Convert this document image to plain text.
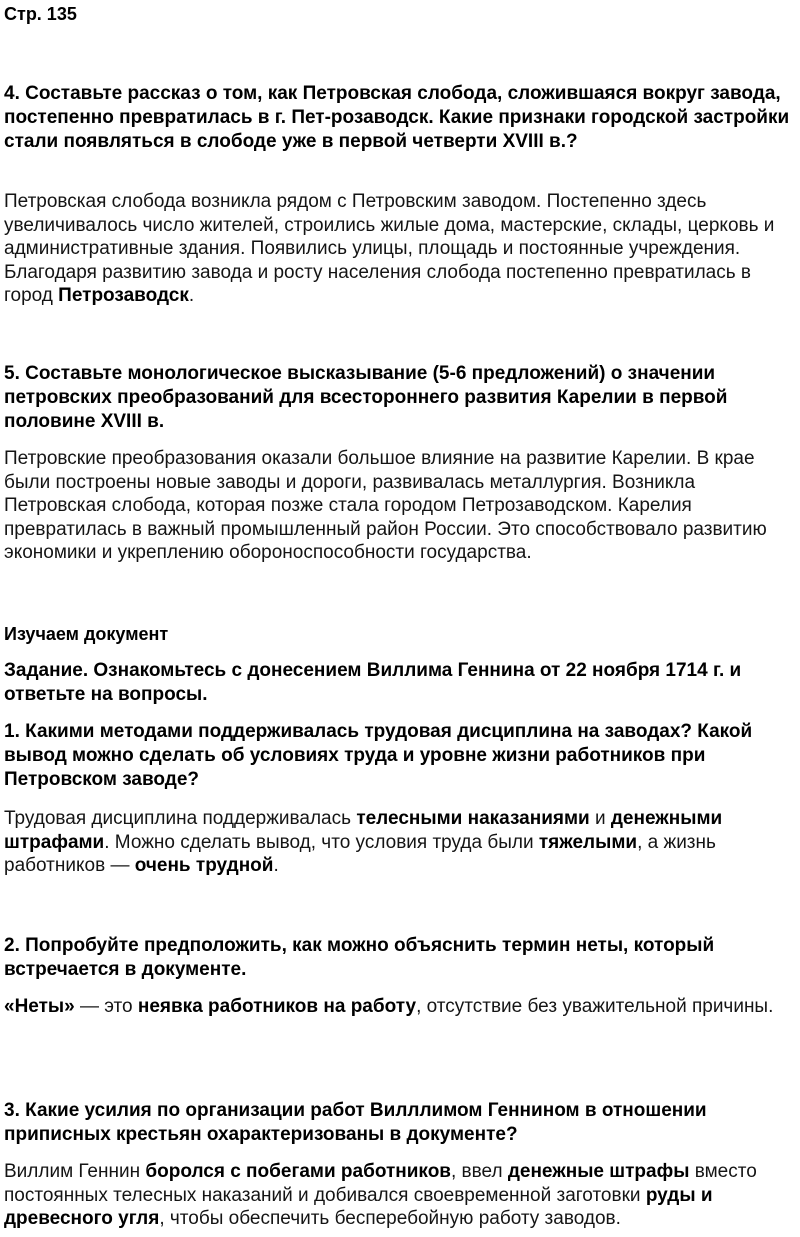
Стр. 135
4. Составьте рассказ о том, как Петровская слобода, сложившаяся вокруг завода, постепенно превратилась в г. Пет-розаводск. Какие признаки городской застройки стали появляться в слободе уже в первой четверти XVIII в.?
Петровская слобода возникла рядом с Петровским заводом. Постепенно здесь увеличивалось число жителей, строились жилые дома, мастерские, склады, церковь и административные здания. Появились улицы, площадь и постоянные учреждения. Благодаря развитию завода и росту населения слобода постепенно превратилась в город Петрозаводск.
5. Составьте монологическое высказывание (5-6 предложений) о значении петровских преобразований для всестороннего развития Карелии в первой половине XVIII в.
Петровские преобразования оказали большое влияние на развитие Карелии. В крае были построены новые заводы и дороги, развивалась металлургия. Возникла Петровская слобода, которая позже стала городом Петрозаводском. Карелия превратилась в важный промышленный район России. Это способствовало развитию экономики и укреплению обороноспособности государства.
Изучаем документ
Задание. Ознакомьтесь с донесением Виллима Геннина от 22 ноября 1714 г. и ответьте на вопросы.
1. Какими методами поддерживалась трудовая дисциплина на заводах? Какой вывод можно сделать об условиях труда и уровне жизни работников при Петровском заводе?
Трудовая дисциплина поддерживалась телесными наказаниями и денежными штрафами. Можно сделать вывод, что условия труда были тяжелыми, а жизнь работников — очень трудной.
2. Попробуйте предположить, как можно объяснить термин неты, который встречается в документе.
«Неты» — это неявка работников на работу, отсутствие без уважительной причины.
3. Какие усилия по организации работ Вилллимом Геннином в отношении приписных крестьян охарактеризованы в документе?
Виллим Геннин боролся с побегами работников, ввел денежные штрафы вместо постоянных телесных наказаний и добивался своевременной заготовки руды и древесного угля, чтобы обеспечить бесперебойную работу заводов.
